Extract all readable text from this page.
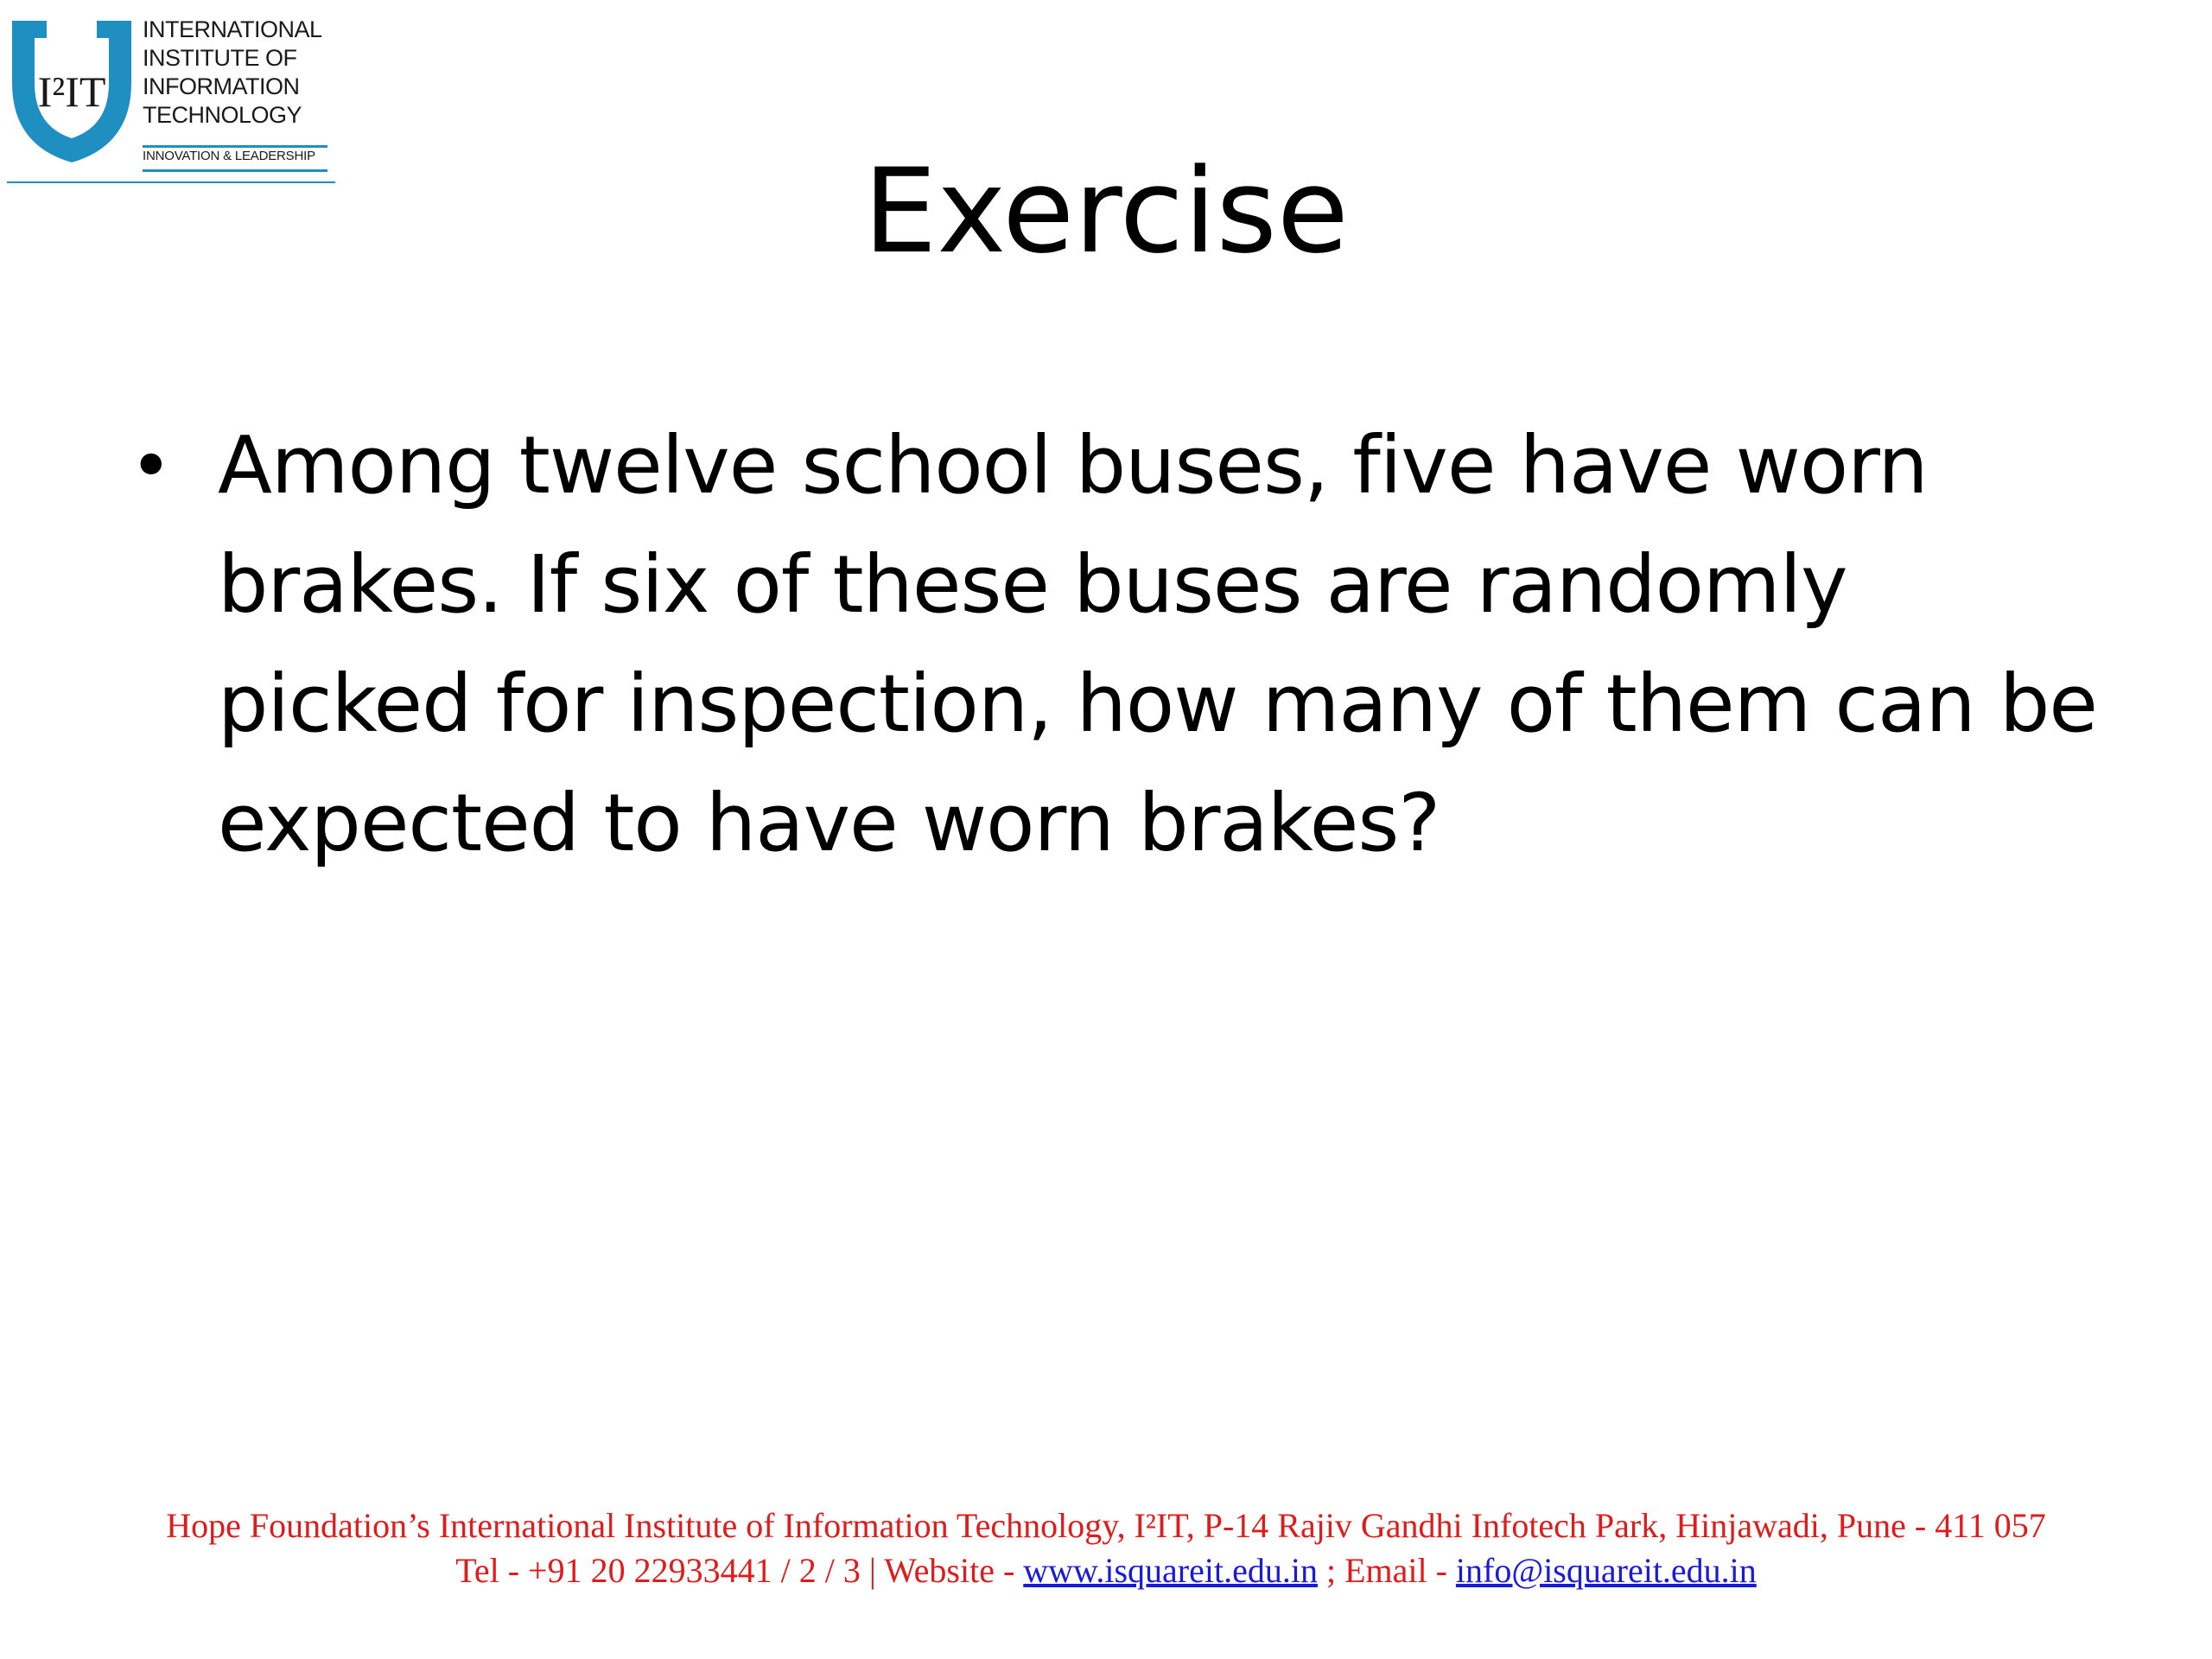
I²IT
INTERNATIONAL
INSTITUTE OF
INFORMATION
TECHNOLOGY
INNOVATION & LEADERSHIP	Exercise
• Among twelve school buses, five have worn brakes. If six of these buses are randomly picked for inspection, how many of them can be expected to have worn brakes?
Hope Foundation’s International Institute of Information Technology, I²IT, P-14 Rajiv Gandhi Infotech Park, Hinjawadi, Pune - 411 057
Tel - +91 20 22933441 / 2 / 3 | Website - www.isquareit.edu.in ; Email - info@isquareit.edu.in
